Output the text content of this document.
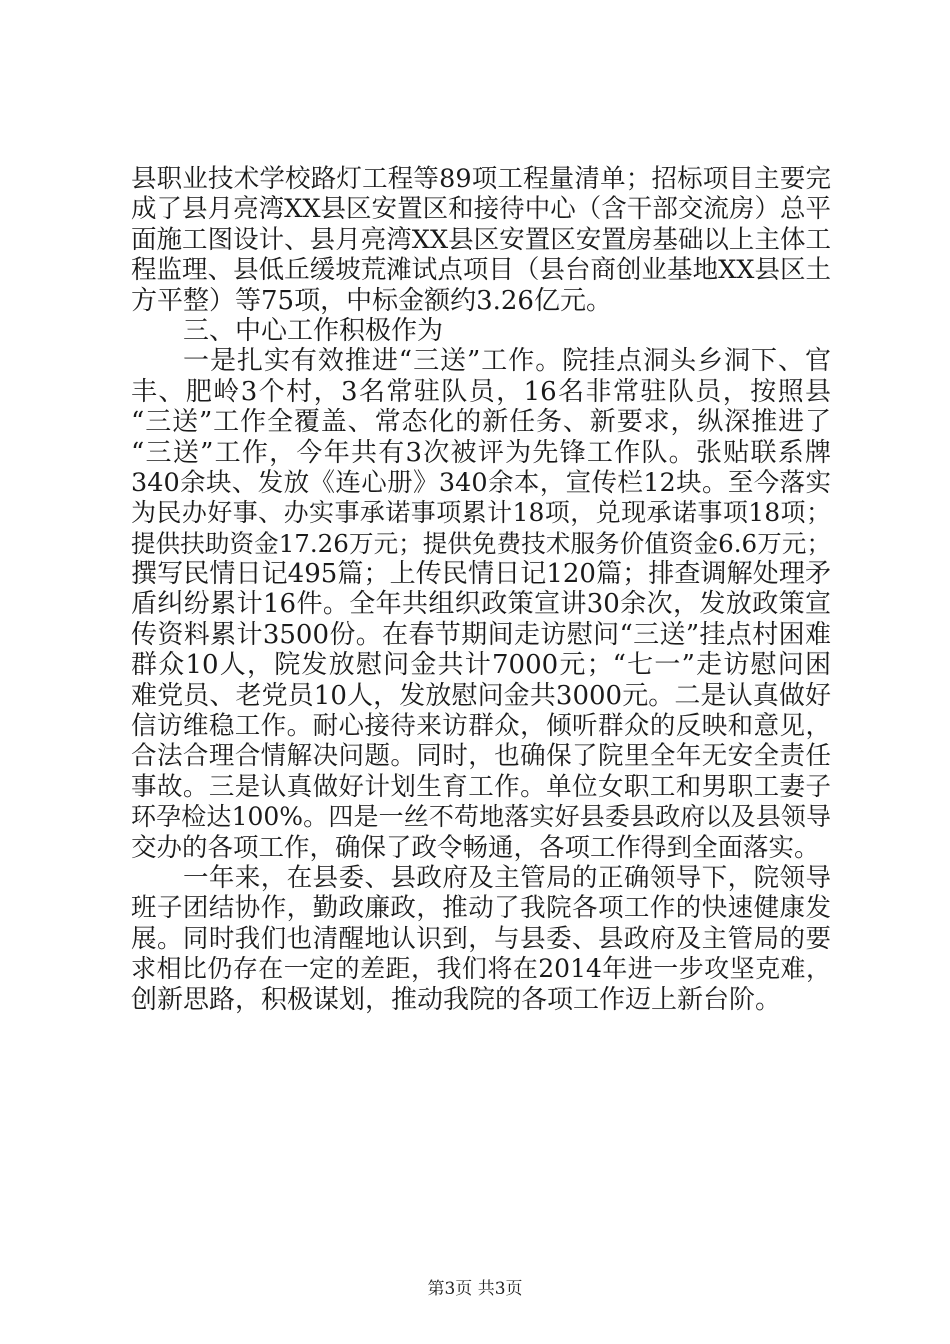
县职业技术学校路灯工程等89项工程量清单；招标项目主要完
成了县月亮湾XX县区安置区和接待中心（含干部交流房）总平
面施工图设计、县月亮湾XX县区安置区安置房基础以上主体工
程监理、县低丘缓坡荒滩试点项目（县台商创业基地XX县区土
方平整）等75项，中标金额约3.26亿元。
三、中心工作积极作为
一是扎实有效推进“三送”工作。院挂点洞头乡洞下、官
丰、肥岭3个村，3名常驻队员，16名非常驻队员，按照县
“三送”工作全覆盖、常态化的新任务、新要求，纵深推进了
“三送”工作，今年共有3次被评为先锋工作队。张贴联系牌
340余块、发放《连心册》340余本，宣传栏12块。至今落实
为民办好事、办实事承诺事项累计18项，兑现承诺事项18项；
提供扶助资金17.26万元；提供免费技术服务价值资金6.6万元；
撰写民情日记495篇；上传民情日记120篇；排查调解处理矛
盾纠纷累计16件。全年共组织政策宣讲30余次，发放政策宣
传资料累计3500份。在春节期间走访慰问“三送”挂点村困难
群众10人，院发放慰问金共计7000元；“七一”走访慰问困
难党员、老党员10人，发放慰问金共3000元。二是认真做好
信访维稳工作。耐心接待来访群众，倾听群众的反映和意见，
合法合理合情解决问题。同时，也确保了院里全年无安全责任
事故。三是认真做好计划生育工作。单位女职工和男职工妻子
环孕检达100%。四是一丝不苟地落实好县委县政府以及县领导
交办的各项工作，确保了政令畅通，各项工作得到全面落实。
一年来，在县委、县政府及主管局的正确领导下，院领导
班子团结协作，勤政廉政，推动了我院各项工作的快速健康发
展。同时我们也清醒地认识到，与县委、县政府及主管局的要
求相比仍存在一定的差距，我们将在2014年进一步攻坚克难，
创新思路，积极谋划，推动我院的各项工作迈上新台阶。
第3页 共3页
